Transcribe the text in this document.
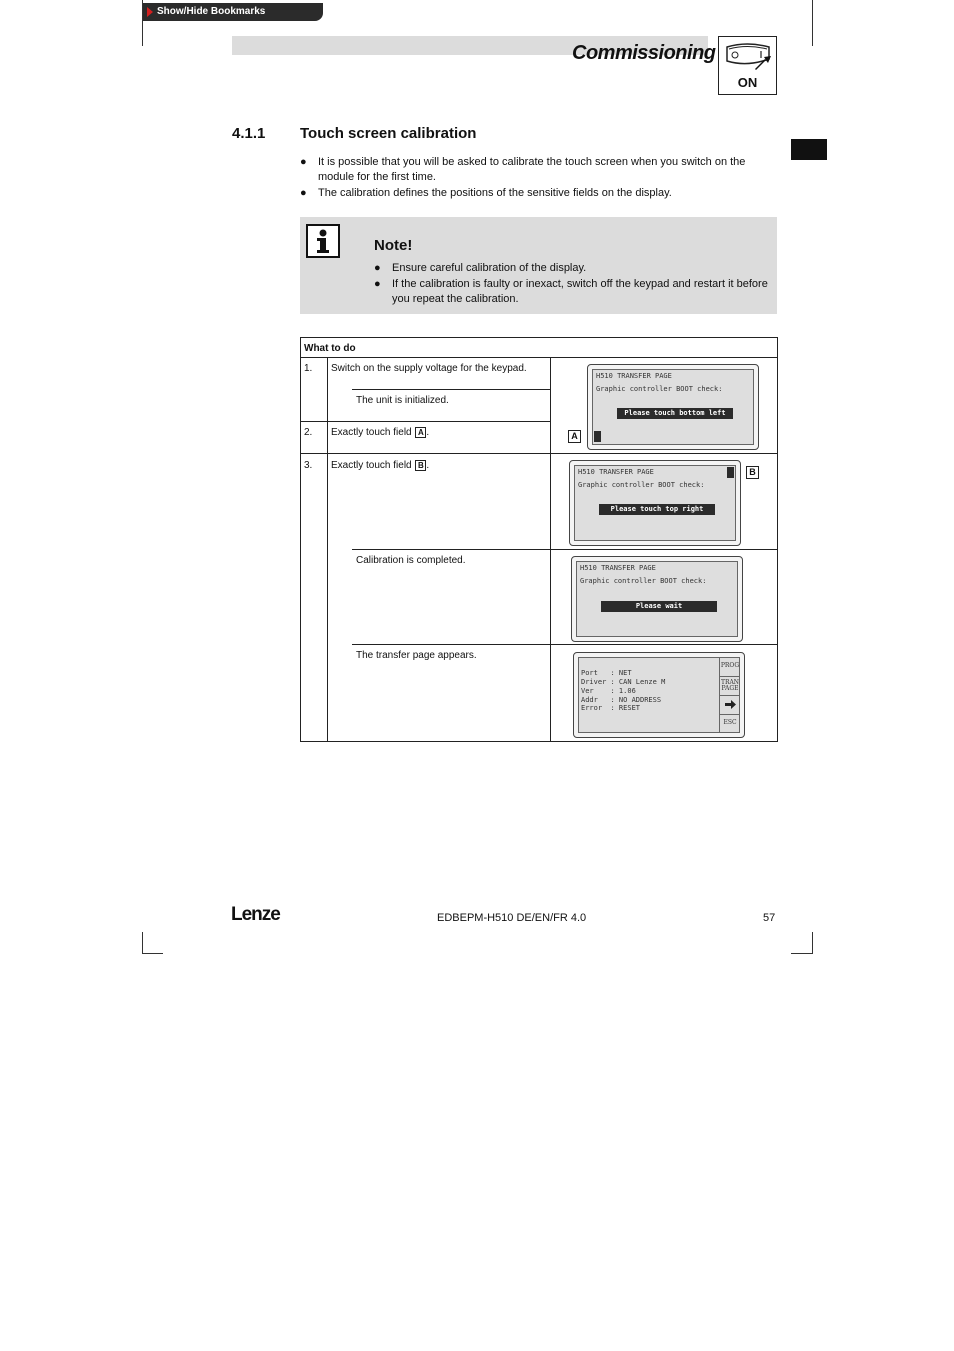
Show/Hide Bookmarks
Commissioning
ON
4.1.1 Touch screen calibration
● It is possible that you will be asked to calibrate the touch screen when you switch on the module for the first time.
● The calibration defines the positions of the sensitive fields on the display.
Note!
● Ensure careful calibration of the display.
● If the calibration is faulty or inexact, switch off the keypad and restart it before you repeat the calibration.
What to do
1. Switch on the supply voltage for the keypad.
The unit is initialized.
2. Exactly touch field A .
3. Exactly touch field B .
Calibration is completed.
The transfer page appears.
H510 TRANSFER PAGE
Graphic controller BOOT check:
Please touch bottom left
A
H510 TRANSFER PAGE
Graphic controller BOOT check:
Please touch top right
B
H510 TRANSFER PAGE
Graphic controller BOOT check:
Please wait
Port   : NET
Driver : CAN Lenze M
Ver    : 1.06
Addr   : NO ADDRESS
Error  : RESET
PROG
TRAN
PAGE
ESC
Lenze	EDBEPM-H510 DE/EN/FR 4.0	57
